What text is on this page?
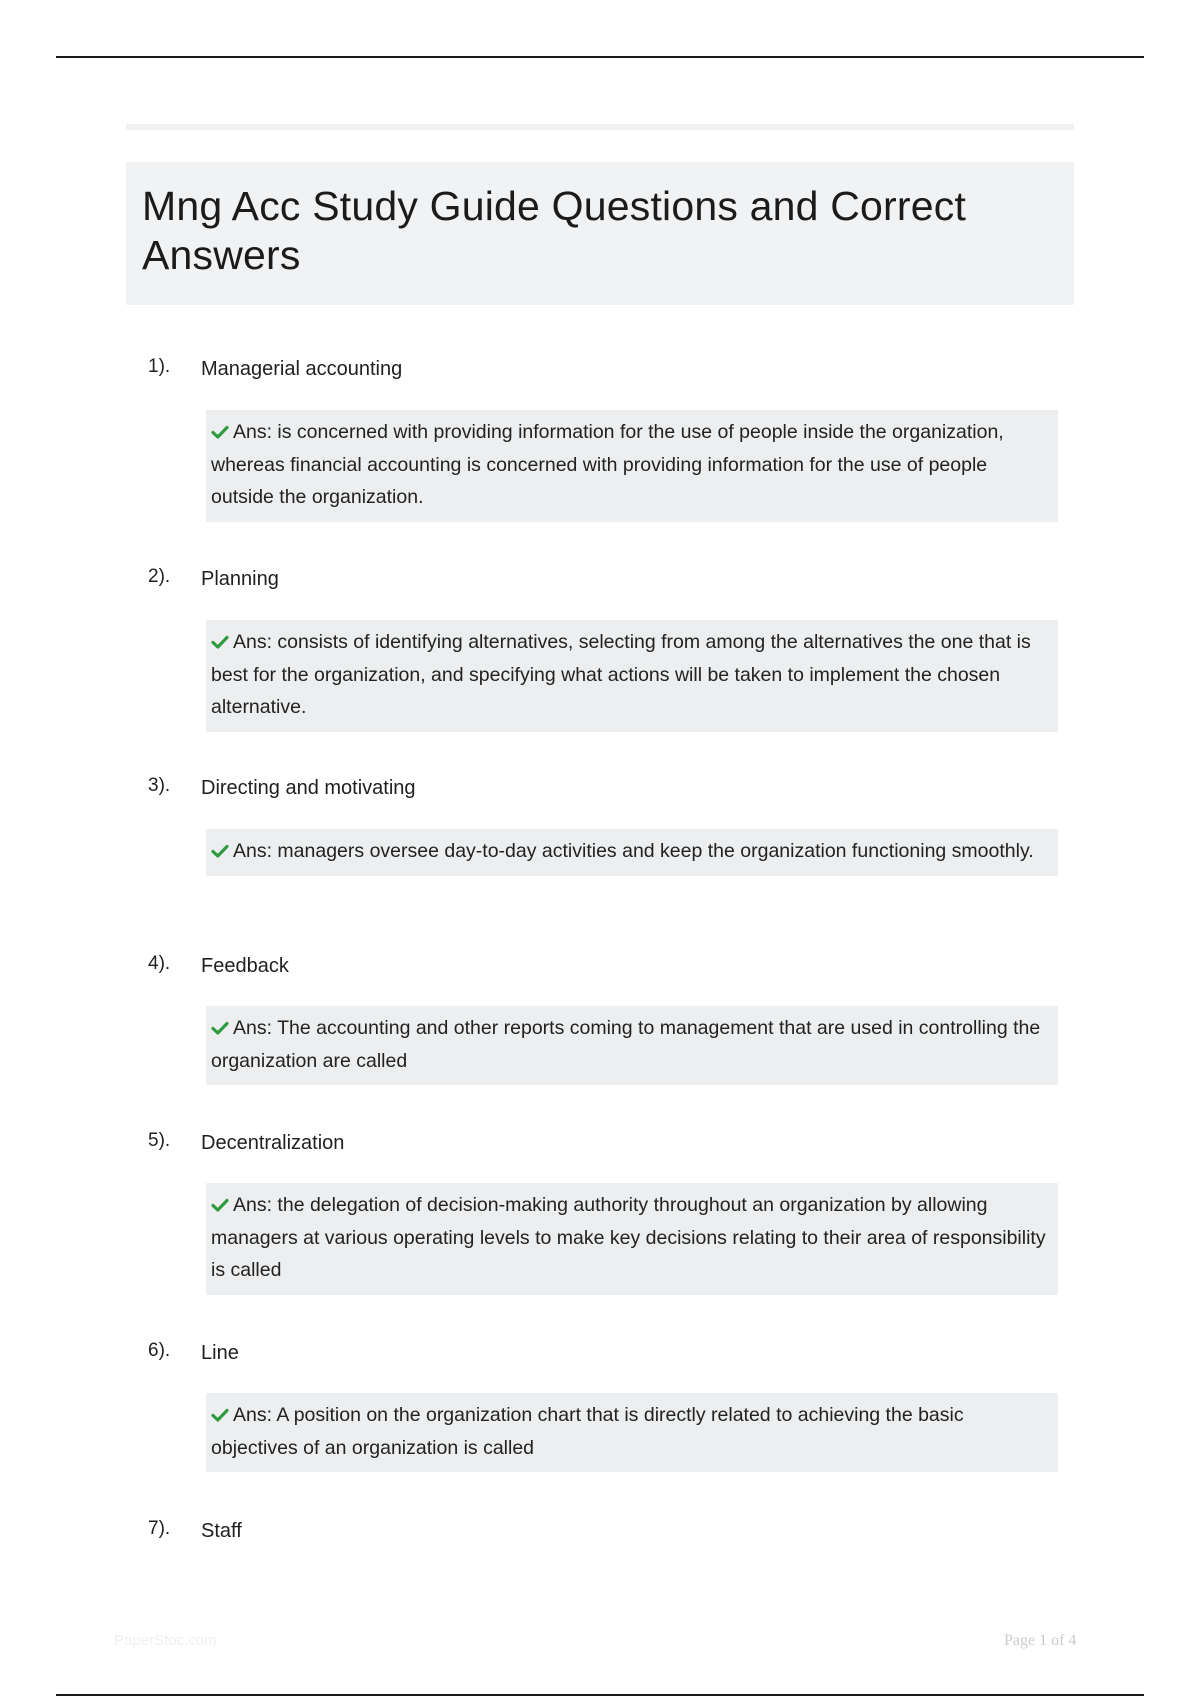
Mng Acc Study Guide Questions and Correct Answers
1). Managerial accounting
Ans: is concerned with providing information for the use of people inside the organization, whereas financial accounting is concerned with providing information for the use of people outside the organization.
2). Planning
Ans: consists of identifying alternatives, selecting from among the alternatives the one that is best for the organization, and specifying what actions will be taken to implement the chosen alternative.
3). Directing and motivating
Ans: managers oversee day-to-day activities and keep the organization functioning smoothly.
4). Feedback
Ans: The accounting and other reports coming to management that are used in controlling the organization are called
5). Decentralization
Ans: the delegation of decision-making authority throughout an organization by allowing managers at various operating levels to make key decisions relating to their area of responsibility is called
6). Line
Ans: A position on the organization chart that is directly related to achieving the basic objectives of an organization is called
7). Staff
PaperStoc.com	Page 1 of 4
